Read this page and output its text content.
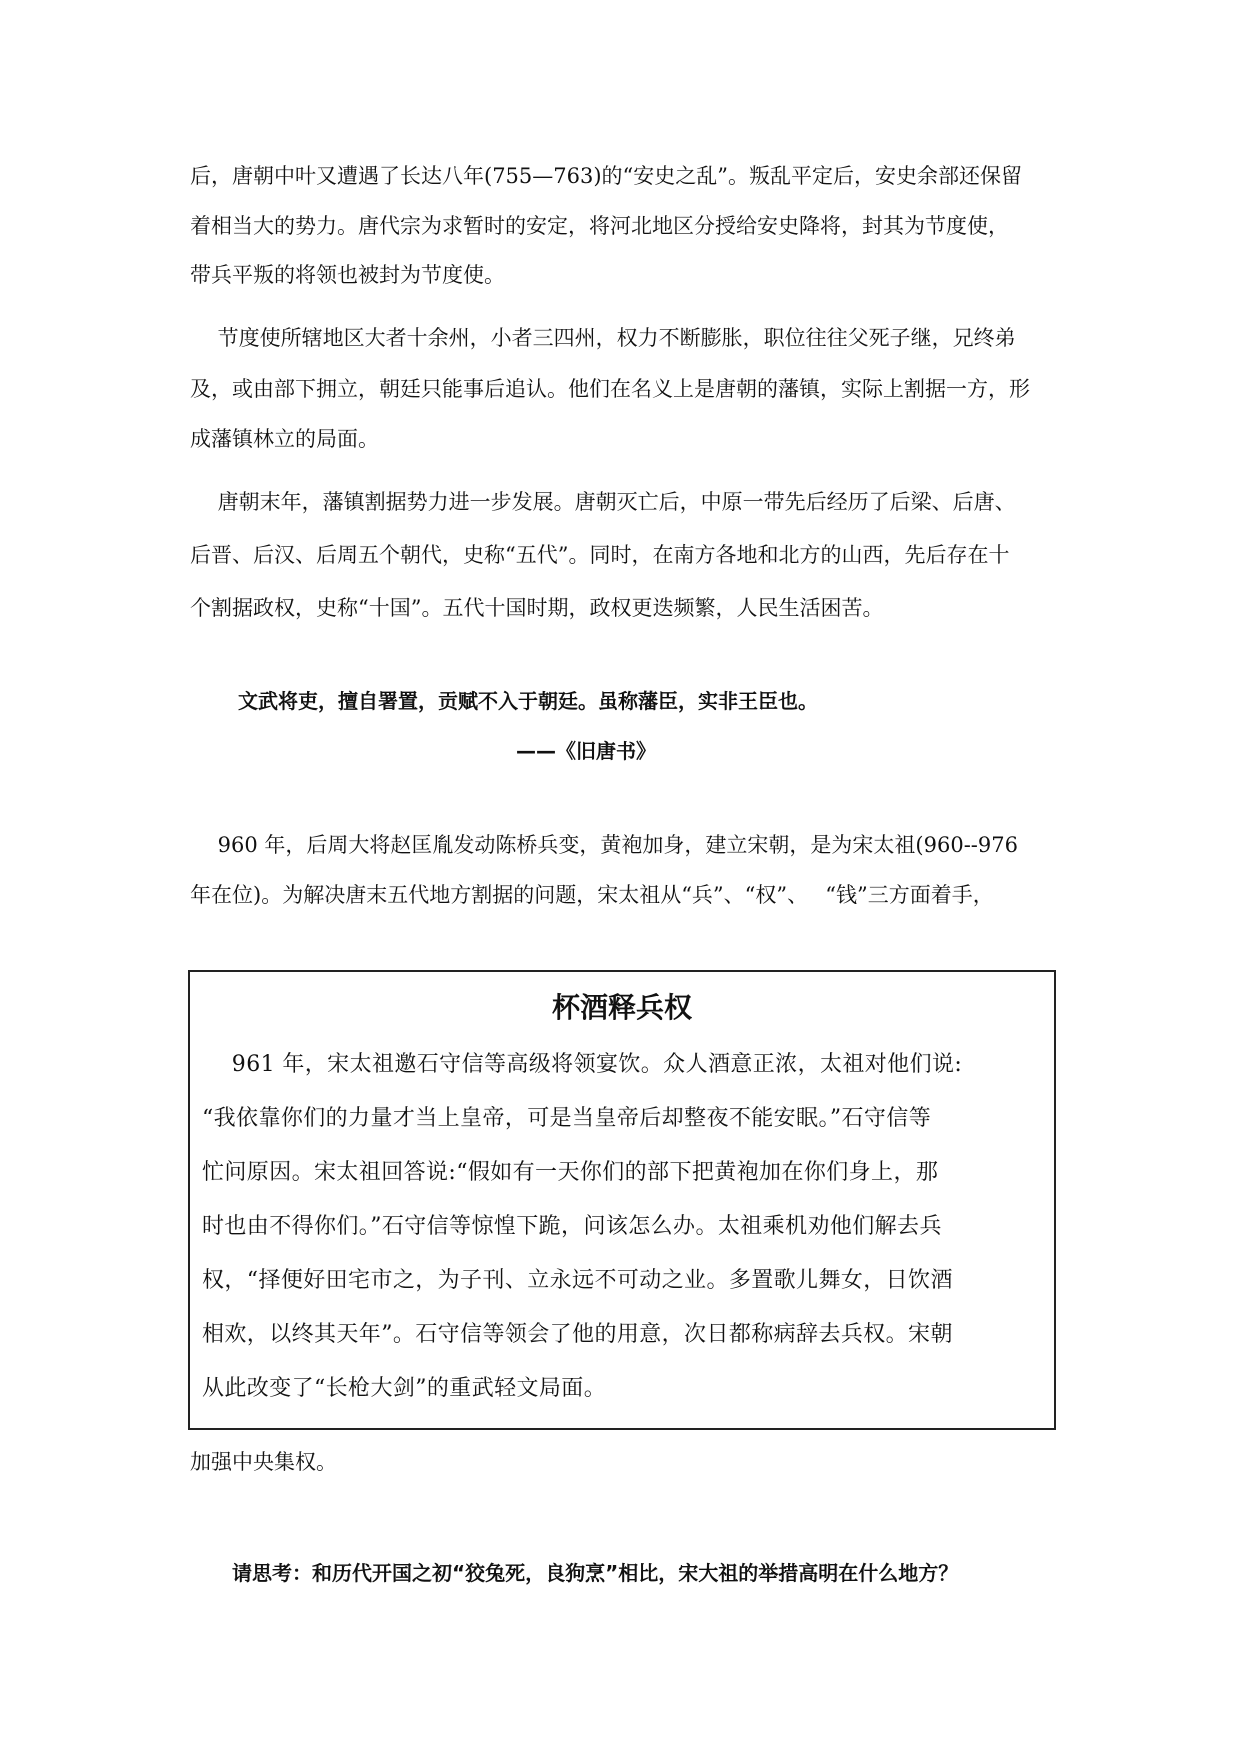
后，唐朝中叶又遭遇了长达八年(755—763)的“安史之乱”。叛乱平定后，安史余部还保留
着相当大的势力。唐代宗为求暂时的安定，将河北地区分授给安史降将，封其为节度使，
带兵平叛的将领也被封为节度使。
　 节度使所辖地区大者十余州，小者三四州，权力不断膨胀，职位往往父死子继，兄终弟
及，或由部下拥立，朝廷只能事后追认。他们在名义上是唐朝的藩镇，实际上割据一方，形
成藩镇林立的局面。
　 唐朝末年，藩镇割据势力进一步发展。唐朝灭亡后，中原一带先后经历了后梁、后唐、
后晋、后汉、后周五个朝代，史称“五代”。同时，在南方各地和北方的山西，先后存在十
个割据政权，史称“十国”。五代十国时期，政权更迭频繁，人民生活困苦。
文武将吏，擅自署置，贡赋不入于朝廷。虽称藩臣，实非王臣也。
——《旧唐书》
　 960 年，后周大将赵匡胤发动陈桥兵变，黄袍加身，建立宋朝，是为宋太祖(960--976
年在位)。为解决唐末五代地方割据的问题，宋太祖从“兵”、“权”、　 “钱”三方面着手，
杯酒释兵权
　 961 年，宋太祖邀石守信等高级将领宴饮。众人酒意正浓，太祖对他们说:
“我依靠你们的力量才当上皇帝，可是当皇帝后却整夜不能安眠。”石守信等
忙问原因。宋太祖回答说:“假如有一天你们的部下把黄袍加在你们身上，那
时也由不得你们。”石守信等惊惶下跪，问该怎么办。太祖乘机劝他们解去兵
权，“择便好田宅市之，为子刊、立永远不可动之业。多置歌儿舞女，日饮酒
相欢，以终其天年”。石守信等领会了他的用意，次日都称病辞去兵权。宋朝
从此改变了“长枪大剑”的重武轻文局面。
加强中央集权。
请思考：和历代开国之初“狡兔死，良狗烹”相比，宋大祖的举措高明在什么地方？
